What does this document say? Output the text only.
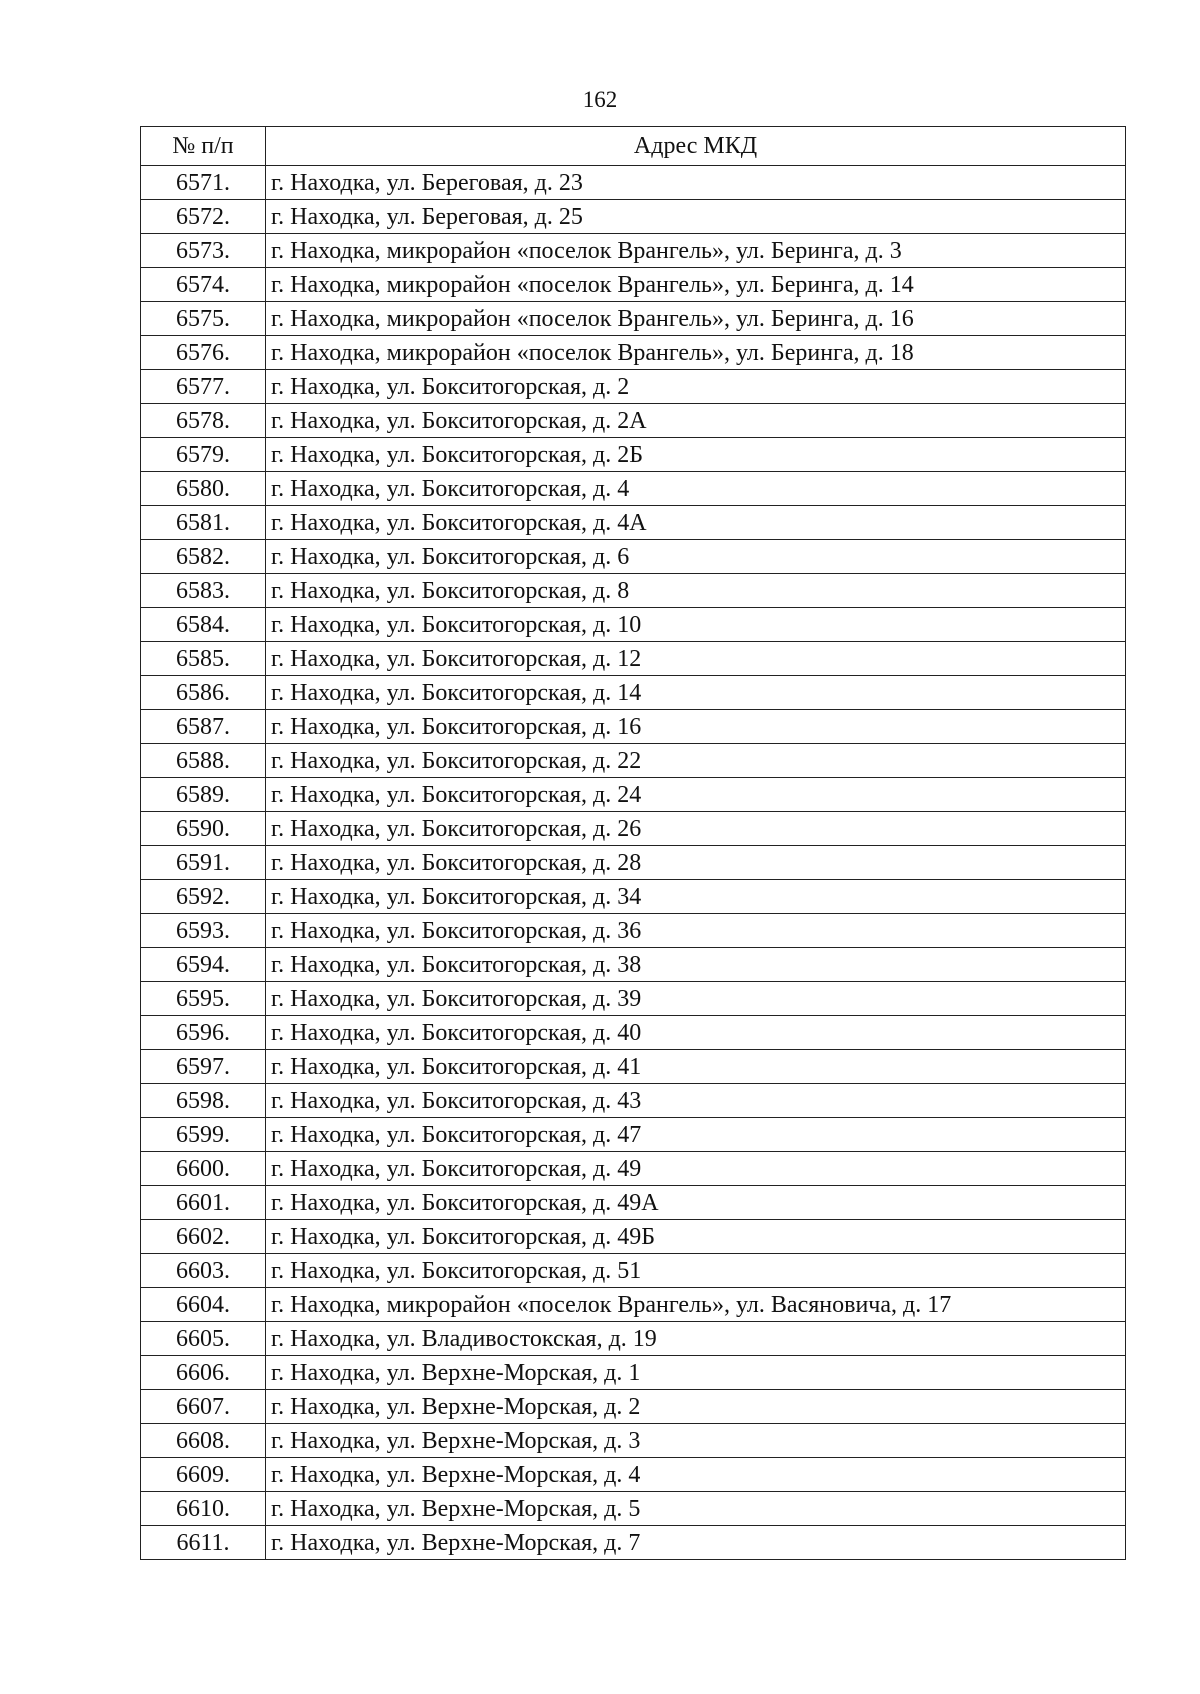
162
№ п/п	Адрес МКД
6571.	г. Находка, ул. Береговая, д. 23
6572.	г. Находка, ул. Береговая, д. 25
6573.	г. Находка, микрорайон «поселок Врангель», ул. Беринга, д. 3
6574.	г. Находка, микрорайон «поселок Врангель», ул. Беринга, д. 14
6575.	г. Находка, микрорайон «поселок Врангель», ул. Беринга, д. 16
6576.	г. Находка, микрорайон «поселок Врангель», ул. Беринга, д. 18
6577.	г. Находка, ул. Бокситогорская, д. 2
6578.	г. Находка, ул. Бокситогорская, д. 2А
6579.	г. Находка, ул. Бокситогорская, д. 2Б
6580.	г. Находка, ул. Бокситогорская, д. 4
6581.	г. Находка, ул. Бокситогорская, д. 4А
6582.	г. Находка, ул. Бокситогорская, д. 6
6583.	г. Находка, ул. Бокситогорская, д. 8
6584.	г. Находка, ул. Бокситогорская, д. 10
6585.	г. Находка, ул. Бокситогорская, д. 12
6586.	г. Находка, ул. Бокситогорская, д. 14
6587.	г. Находка, ул. Бокситогорская, д. 16
6588.	г. Находка, ул. Бокситогорская, д. 22
6589.	г. Находка, ул. Бокситогорская, д. 24
6590.	г. Находка, ул. Бокситогорская, д. 26
6591.	г. Находка, ул. Бокситогорская, д. 28
6592.	г. Находка, ул. Бокситогорская, д. 34
6593.	г. Находка, ул. Бокситогорская, д. 36
6594.	г. Находка, ул. Бокситогорская, д. 38
6595.	г. Находка, ул. Бокситогорская, д. 39
6596.	г. Находка, ул. Бокситогорская, д. 40
6597.	г. Находка, ул. Бокситогорская, д. 41
6598.	г. Находка, ул. Бокситогорская, д. 43
6599.	г. Находка, ул. Бокситогорская, д. 47
6600.	г. Находка, ул. Бокситогорская, д. 49
6601.	г. Находка, ул. Бокситогорская, д. 49А
6602.	г. Находка, ул. Бокситогорская, д. 49Б
6603.	г. Находка, ул. Бокситогорская, д. 51
6604.	г. Находка, микрорайон «поселок Врангель», ул. Васяновича, д. 17
6605.	г. Находка, ул. Владивостокская, д. 19
6606.	г. Находка, ул. Верхне-Морская, д. 1
6607.	г. Находка, ул. Верхне-Морская, д. 2
6608.	г. Находка, ул. Верхне-Морская, д. 3
6609.	г. Находка, ул. Верхне-Морская, д. 4
6610.	г. Находка, ул. Верхне-Морская, д. 5
6611.	г. Находка, ул. Верхне-Морская, д. 7
